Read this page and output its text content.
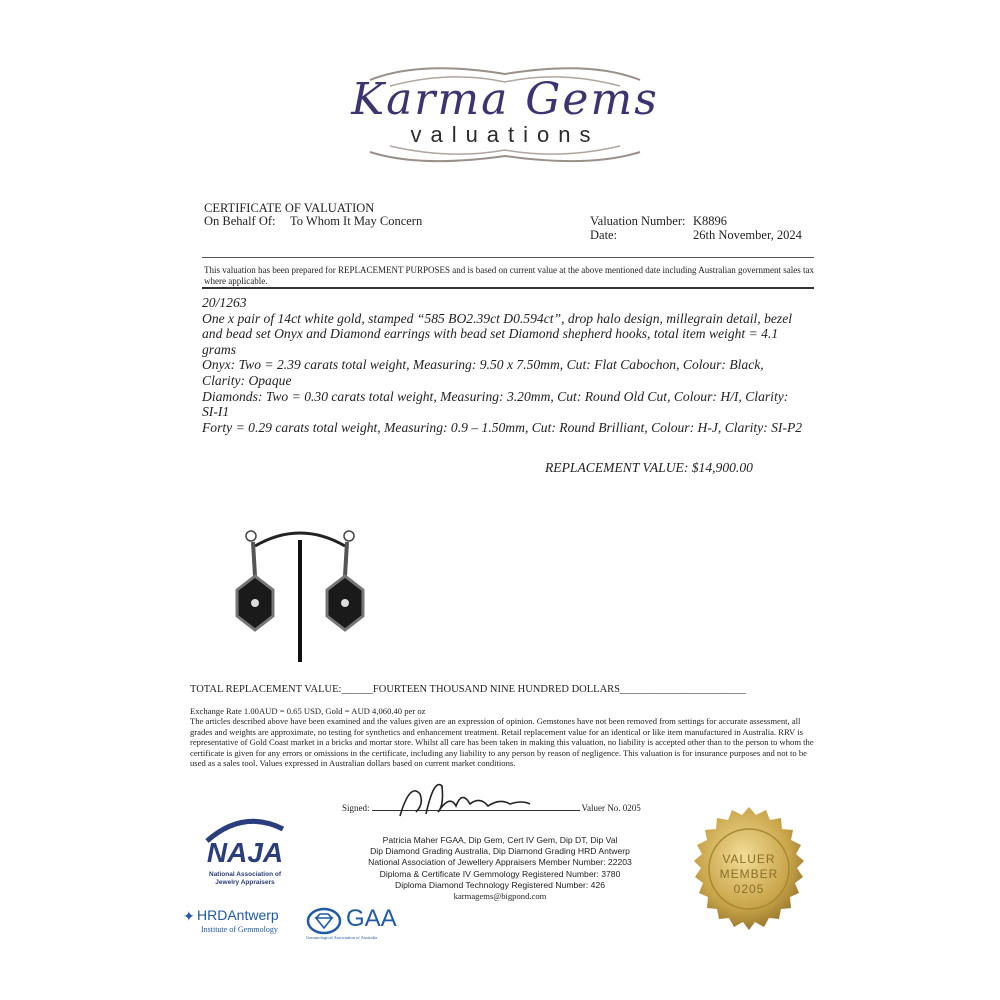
Karma Gems
valuations
CERTIFICATE OF VALUATION
On Behalf Of: To Whom It May Concern	Valuation Number: K8896
Date:	26th November, 2024
This valuation has been prepared for REPLACEMENT PURPOSES and is based on current value at the above mentioned date including Australian government sales tax where applicable.

20/1263

One x pair of 14ct white gold, stamped “585 BO2.39ct D0.594ct”, drop halo design, millegrain detail, bezel and bead set Onyx and Diamond earrings with bead set Diamond shepherd hooks, total item weight = 4.1 grams

Onyx: Two = 2.39 carats total weight, Measuring: 9.50 x 7.50mm, Cut: Flat Cabochon, Colour: Black, Clarity: Opaque

Diamonds: Two = 0.30 carats total weight, Measuring: 3.20mm, Cut: Round Old Cut, Colour: H/I, Clarity: SI-I1

Forty = 0.29 carats total weight, Measuring: 0.9 – 1.50mm, Cut: Round Brilliant, Colour: H-J, Clarity: SI-P2

REPLACEMENT VALUE: $14,900.00
TOTAL REPLACEMENT VALUE:______FOURTEEN THOUSAND NINE HUNDRED DOLLARS________________________

Exchange Rate 1.00AUD = 0.65 USD, Gold = AUD 4,060.40 per oz

The articles described above have been examined and the values given are an expression of opinion. Gemstones have not been removed from settings for accurate assessment, all grades and weights are approximate, no testing for synthetics and enhancement treatment. Retail replacement value for an identical or like item manufactured in Australia. RRV is representative of Gold Coast market in a bricks and mortar store. Whilst all care has been taken in making this valuation, no liability is accepted other than to the person to whom the certificate is given for any errors or omissions in the certificate, including any liability to any person by reason of negligence. This valuation is for insurance purposes and not to be used as a sales tool. Values expressed in Australian dollars based on current market conditions.

Signed:	Valuer No. 0205
Patricia Maher FGAA, Dip Gem, Cert IV Gem, Dip DT, Dip Val
Dip Diamond Grading Australia, Dip Diamond Grading HRD Antwerp
National Association of Jewellery Appraisers Member Number: 22203
Diploma & Certificate IV Gemmology Registered Number: 3780
Diploma Diamond Technology Registered Number: 426
karmagems@bigpond.com
NAJA
National Association of
Jewelry Appraisers
✦ HRDAntwerp
Institute of Gemmology	GAA
Gemmological Association of Australia
VALUER
MEMBER
0205
